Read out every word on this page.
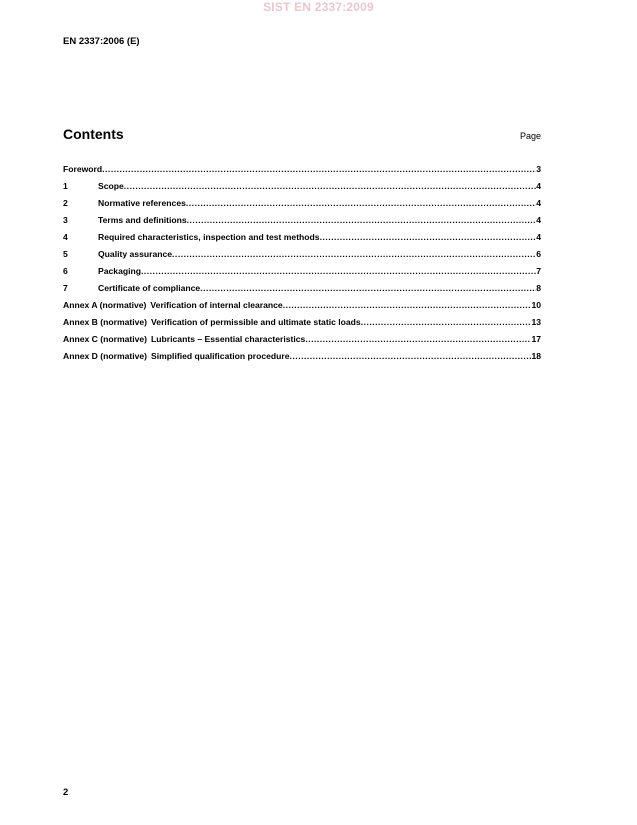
SIST EN 2337:2009
EN 2337:2006 (E)
Contents	Page
Foreword .....	3
1	Scope .....	4
2	Normative references .....	4
3	Terms and definitions .....	4
4	Required characteristics, inspection and test methods .....	4
5	Quality assurance .....	6
6	Packaging .....	7
7	Certificate of compliance .....	8
Annex A (normative) Verification of internal clearance .....	10
Annex B (normative) Verification of permissible and ultimate static loads .....	13
Annex C (normative) Lubricants – Essential characteristics .....	17
Annex D (normative) Simplified qualification procedure .....	18
2
